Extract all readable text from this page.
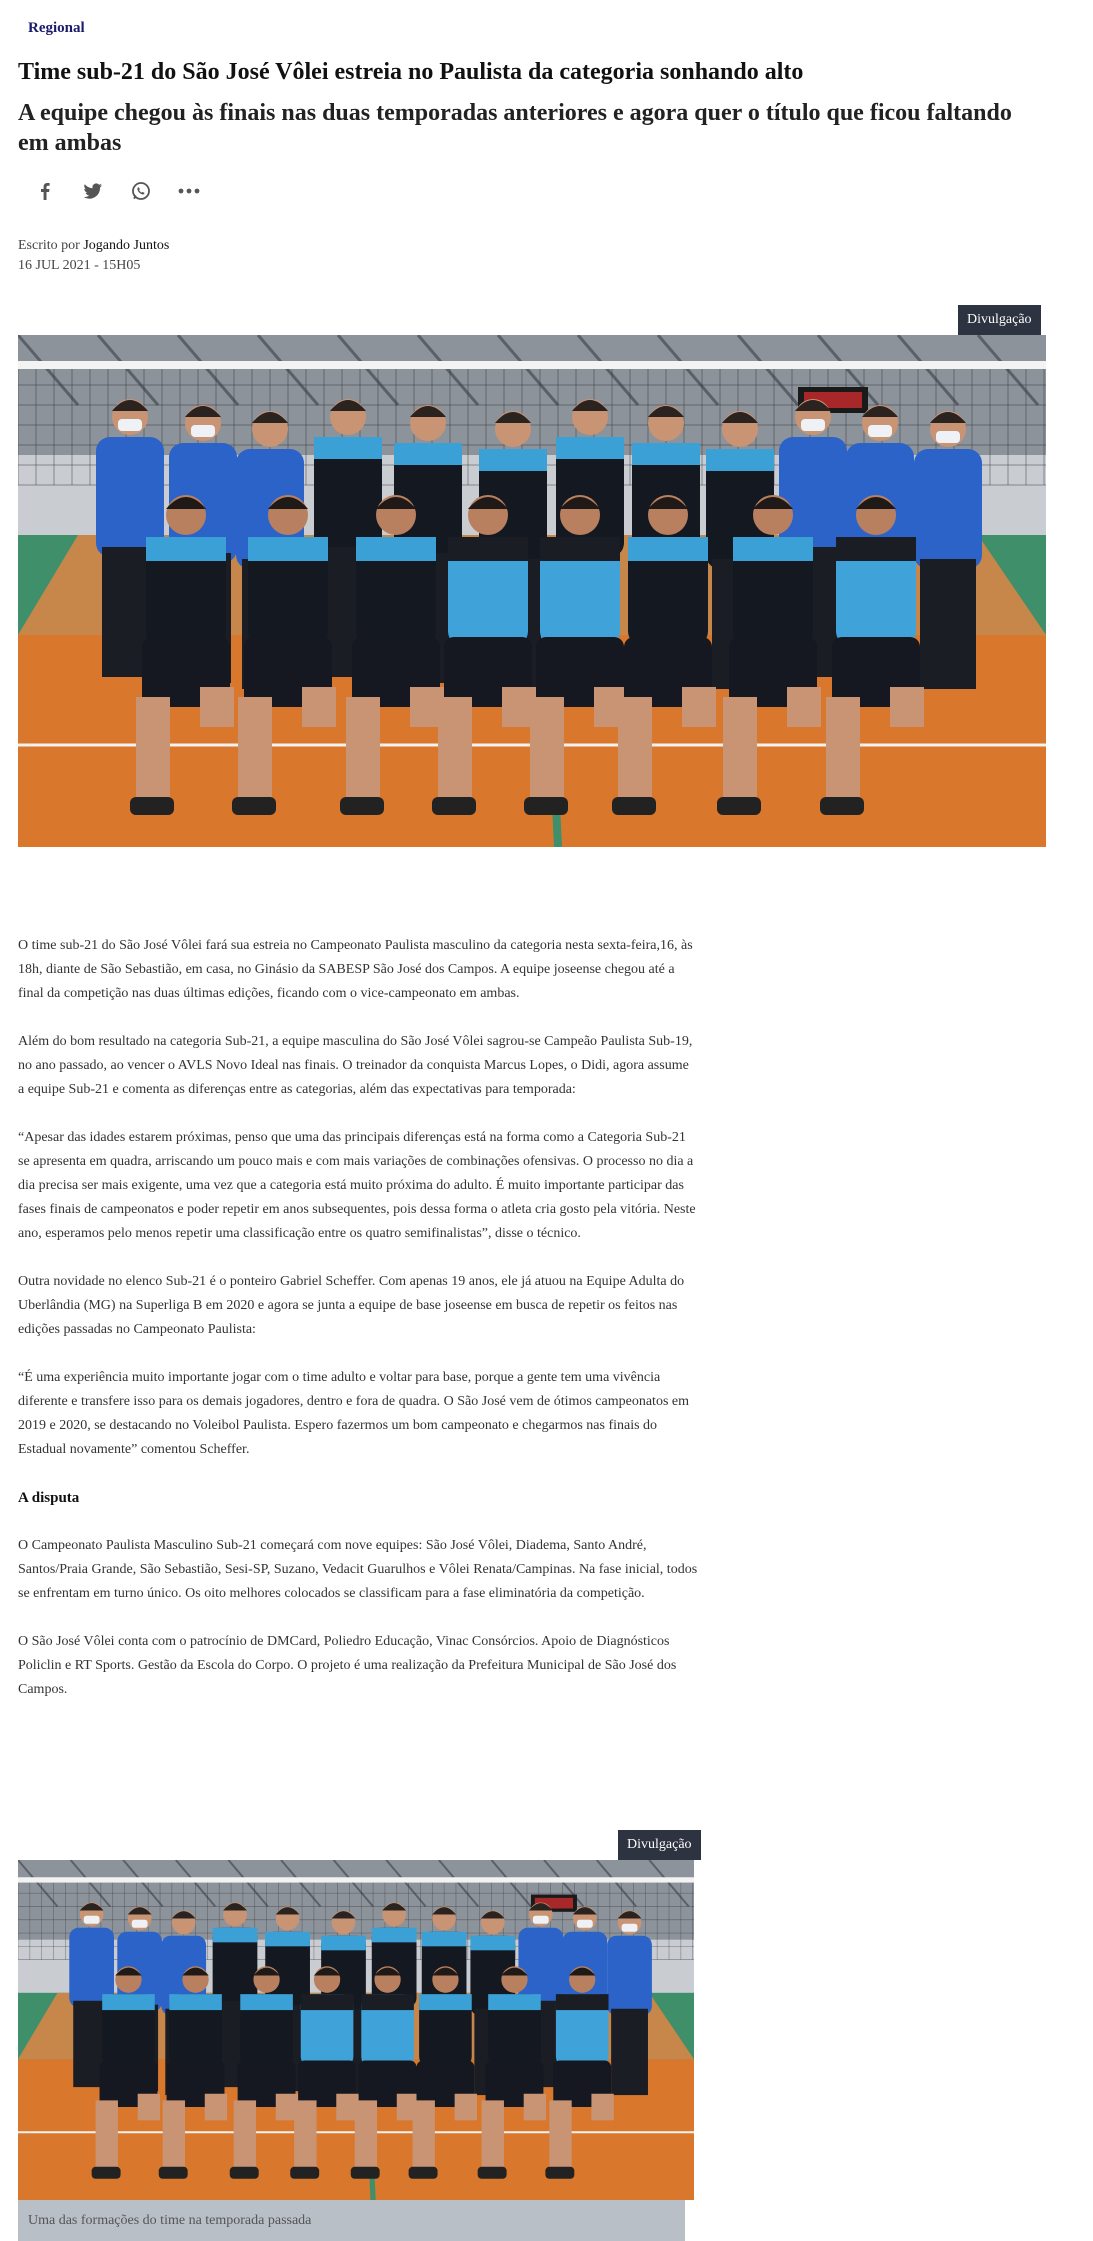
Regional
Time sub-21 do São José Vôlei estreia no Paulista da categoria sonhando alto
A equipe chegou às finais nas duas temporadas anteriores e agora quer o título que ficou faltando em ambas
Escrito por Jogando Juntos
16 JUL 2021 - 15H05
Divulgação

O time sub-21 do São José Vôlei fará sua estreia no Campeonato Paulista masculino da categoria nesta sexta-feira,16, às 18h, diante de São Sebastião, em casa, no Ginásio da SABESP São José dos Campos. A equipe joseense chegou até a final da competição nas duas últimas edições, ficando com o vice-campeonato em ambas.

Além do bom resultado na categoria Sub-21, a equipe masculina do São José Vôlei sagrou-se Campeão Paulista Sub-19, no ano passado, ao vencer o AVLS Novo Ideal nas finais. O treinador da conquista Marcus Lopes, o Didi, agora assume a equipe Sub-21 e comenta as diferenças entre as categorias, além das expectativas para temporada:

“Apesar das idades estarem próximas, penso que uma das principais diferenças está na forma como a Categoria Sub-21 se apresenta em quadra, arriscando um pouco mais e com mais variações de combinações ofensivas. O processo no dia a dia precisa ser mais exigente, uma vez que a categoria está muito próxima do adulto. É muito importante participar das fases finais de campeonatos e poder repetir em anos subsequentes, pois dessa forma o atleta cria gosto pela vitória. Neste ano, esperamos pelo menos repetir uma classificação entre os quatro semifinalistas”, disse o técnico.

Outra novidade no elenco Sub-21 é o ponteiro Gabriel Scheffer. Com apenas 19 anos, ele já atuou na Equipe Adulta do Uberlândia (MG) na Superliga B em 2020 e agora se junta a equipe de base joseense em busca de repetir os feitos nas edições passadas no Campeonato Paulista:

“É uma experiência muito importante jogar com o time adulto e voltar para base, porque a gente tem uma vivência diferente e transfere isso para os demais jogadores, dentro e fora de quadra. O São José vem de ótimos campeonatos em 2019 e 2020, se destacando no Voleibol Paulista. Espero fazermos um bom campeonato e chegarmos nas finais do Estadual novamente” comentou Scheffer.

A disputa

O Campeonato Paulista Masculino Sub-21 começará com nove equipes: São José Vôlei, Diadema, Santo André, Santos/Praia Grande, São Sebastião, Sesi-SP, Suzano, Vedacit Guarulhos e Vôlei Renata/Campinas. Na fase inicial, todos se enfrentam em turno único. Os oito melhores colocados se classificam para a fase eliminatória da competição.

O São José Vôlei conta com o patrocínio de DMCard, Poliedro Educação, Vinac Consórcios. Apoio de Diagnósticos Policlin e RT Sports. Gestão da Escola do Corpo. O projeto é uma realização da Prefeitura Municipal de São José dos Campos.

Divulgação
Uma das formações do time na temporada passada
